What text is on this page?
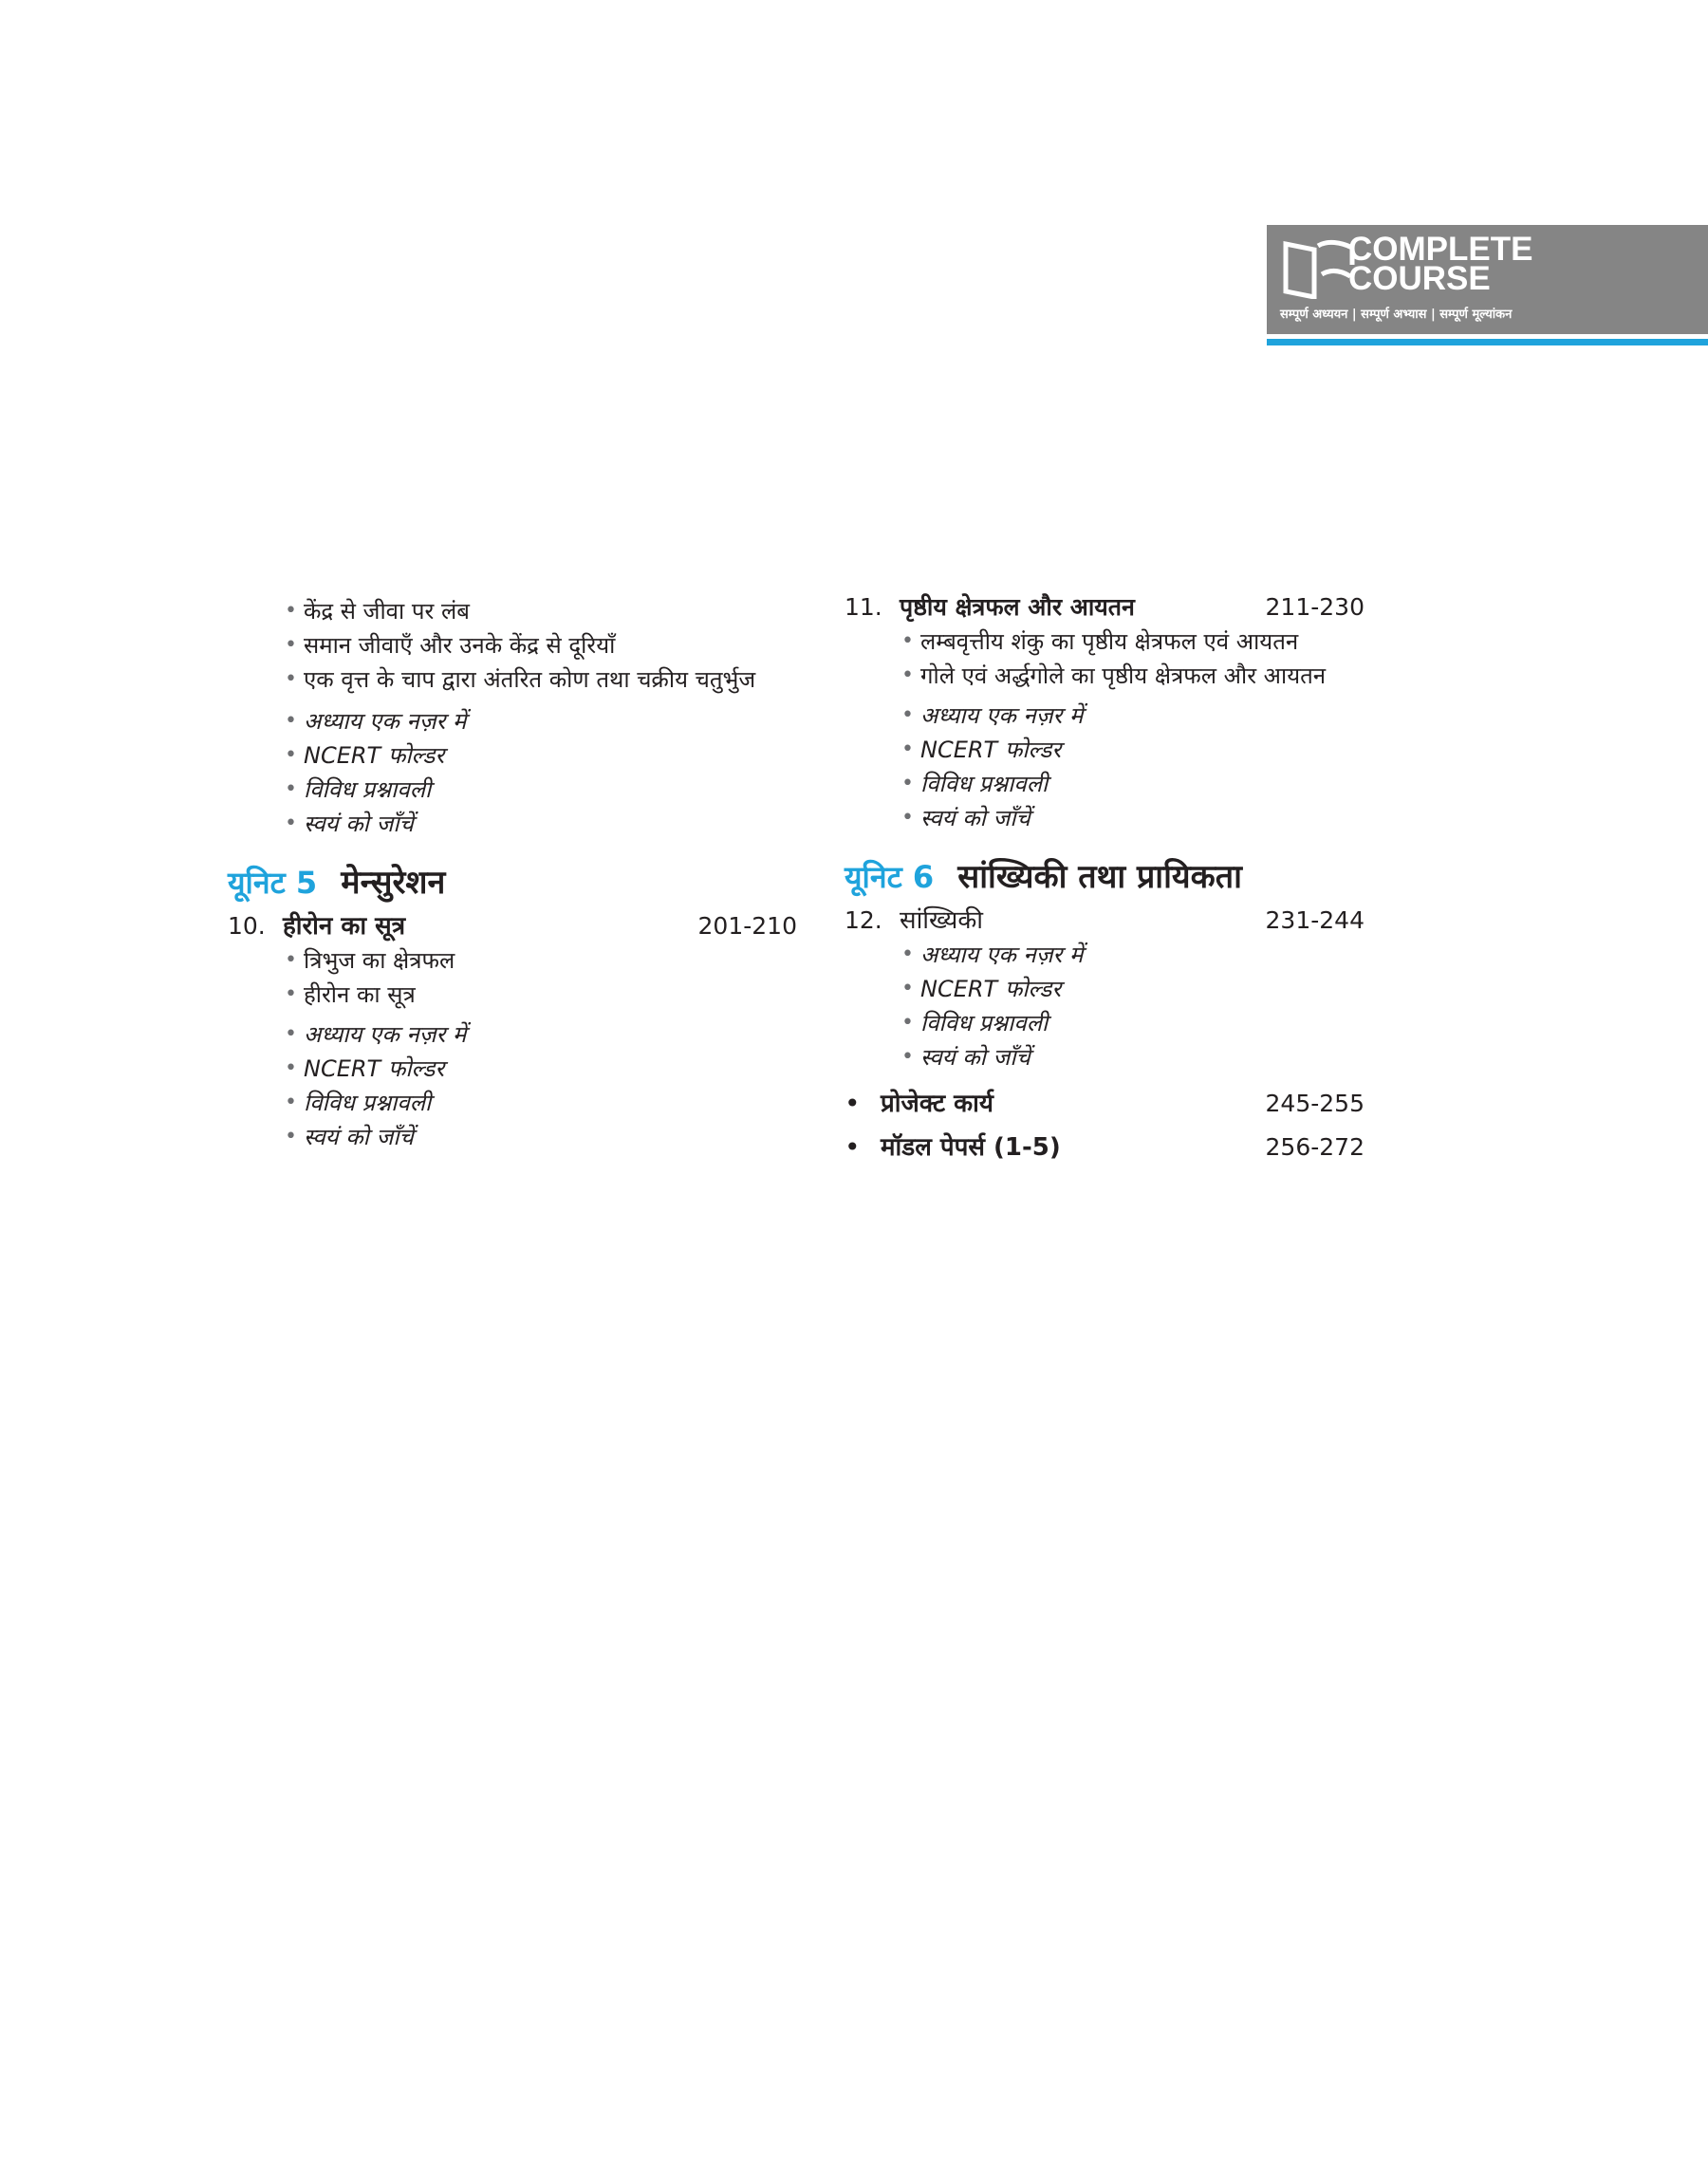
COMPLETE
COURSE
सम्पूर्ण अध्ययन | सम्पूर्ण अभ्यास | सम्पूर्ण मूल्यांकन
• केंद्र से जीवा पर लंब
• समान जीवाएँ और उनके केंद्र से दूरियाँ
• एक वृत्त के चाप द्वारा अंतरित कोण तथा चक्रीय चतुर्भुज
• अध्याय एक नज़र में
• NCERT फोल्डर
• विविध प्रश्नावली
• स्वयं को जाँचें
यूनिट 5 मेन्सुरेशन
10. हीरोन का सूत्र	201-210
• त्रिभुज का क्षेत्रफल
• हीरोन का सूत्र
• अध्याय एक नज़र में
• NCERT फोल्डर
• विविध प्रश्नावली
• स्वयं को जाँचें
11. पृष्ठीय क्षेत्रफल और आयतन	211-230
• लम्बवृत्तीय शंकु का पृष्ठीय क्षेत्रफल एवं आयतन
• गोले एवं अर्द्धगोले का पृष्ठीय क्षेत्रफल और आयतन
• अध्याय एक नज़र में
• NCERT फोल्डर
• विविध प्रश्नावली
• स्वयं को जाँचें
यूनिट 6 सांख्यिकी तथा प्रायिकता
12. सांख्यिकी	231-244
• अध्याय एक नज़र में
• NCERT फोल्डर
• विविध प्रश्नावली
• स्वयं को जाँचें
• प्रोजेक्ट कार्य	245-255
• मॉडल पेपर्स (1-5)	256-272
